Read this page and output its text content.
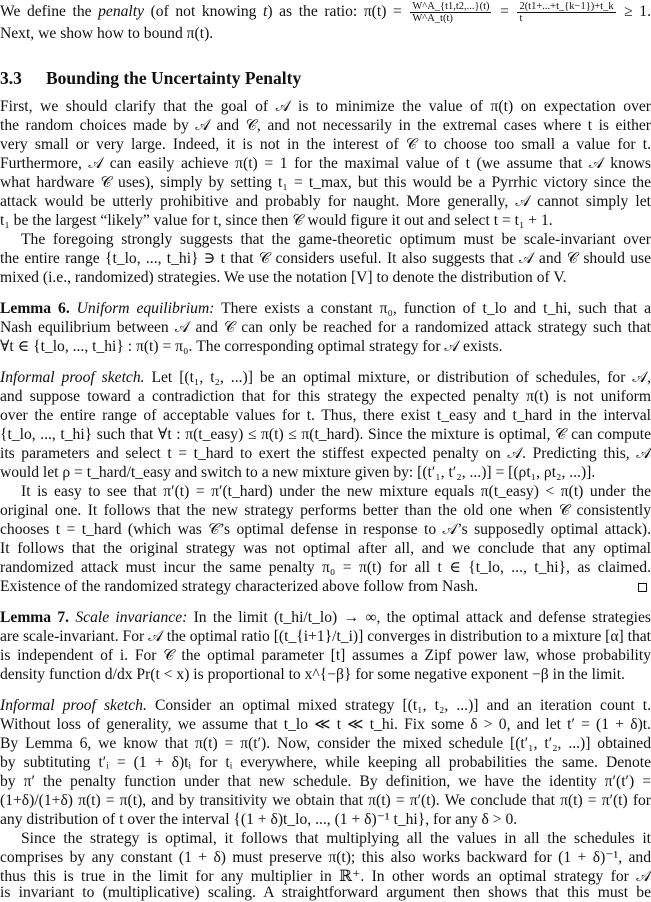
We define the penalty (of not knowing t) as the ratio: $\pi(t) = \frac{W\^{}A\_\{t1,t2,...\}(t)}{W\^{}A\_t(t)} = \frac{2(t1+...+t\_\{k-1\})+t\_k}{t} \ge 1$.
Next, we show how to bound π(t).
3.3 Bounding the Uncertainty Penalty
First, we should clarify that the goal of 𝒜 is to minimize the value of π(t) on expectation over
the random choices made by 𝒜 and 𝒞, and not necessarily in the extremal cases where t is either
very small or very large. Indeed, it is not in the interest of 𝒞 to choose too small a value for t.
Furthermore, 𝒜 can easily achieve π(t) = 1 for the maximal value of t (we assume that 𝒜 knows
what hardware 𝒞 uses), simply by setting t₁ = t_max, but this would be a Pyrrhic victory since the
attack would be utterly prohibitive and probably for naught. More generally, 𝒜 cannot simply let
t₁ be the largest “likely” value for t, since then 𝒞 would figure it out and select t = t₁ + 1.
The foregoing strongly suggests that the game-theoretic optimum must be scale-invariant over
the entire range {t_lo, ..., t_hi} ∋ t that 𝒞 considers useful. It also suggests that 𝒜 and 𝒞 should use
mixed (i.e., randomized) strategies. We use the notation [V] to denote the distribution of V.
Lemma 6. Uniform equilibrium: There exists a constant π₀, function of t_lo and t_hi, such that a
Nash equilibrium between 𝒜 and 𝒞 can only be reached for a randomized attack strategy such that
∀t ∈ {t_lo, ..., t_hi} : π(t) = π₀. The corresponding optimal strategy for 𝒜 exists.
Informal proof sketch. Let [(t₁, t₂, ...)] be an optimal mixture, or distribution of schedules, for 𝒜,
and suppose toward a contradiction that for this strategy the expected penalty π(t) is not uniform
over the entire range of acceptable values for t. Thus, there exist t_easy and t_hard in the interval
{t_lo, ..., t_hi} such that ∀t : π(t_easy) ≤ π(t) ≤ π(t_hard). Since the mixture is optimal, 𝒞 can compute
its parameters and select t = t_hard to exert the stiffest expected penalty on 𝒜. Predicting this, 𝒜
would let ρ = t_hard/t_easy and switch to a new mixture given by: [(t′₁, t′₂, ...)] = [(ρt₁, ρt₂, ...)].
It is easy to see that π′(t) = π′(t_hard) under the new mixture equals π(t_easy) < π(t) under the
original one. It follows that the new strategy performs better than the old one when 𝒞 consistently
chooses t = t_hard (which was 𝒞’s optimal defense in response to 𝒜’s supposedly optimal attack).
It follows that the original strategy was not optimal after all, and we conclude that any optimal
randomized attack must incur the same penalty π₀ = π(t) for all t ∈ {t_lo, ..., t_hi}, as claimed.
Existence of the randomized strategy characterized above follow from Nash.
Lemma 7. Scale invariance: In the limit (t_hi/t_lo) → ∞, the optimal attack and defense strategies
are scale-invariant. For 𝒜 the optimal ratio [(t_{i+1}/t_i)] converges in distribution to a mixture [α] that
is independent of i. For 𝒞 the optimal parameter [t] assumes a Zipf power law, whose probability
density function d/dx Pr(t < x) is proportional to x^{−β} for some negative exponent −β in the limit.
Informal proof sketch. Consider an optimal mixed strategy [(t₁, t₂, ...)] and an iteration count t.
Without loss of generality, we assume that t_lo ≪ t ≪ t_hi. Fix some δ > 0, and let t′ = (1 + δ)t.
By Lemma 6, we know that π(t) = π(t′). Now, consider the mixed schedule [(t′₁, t′₂, ...)] obtained
by subtituting t′ᵢ = (1 + δ)tᵢ for tᵢ everywhere, while keeping all probabilities the same. Denote
by π′ the penalty function under that new schedule. By definition, we have the identity π′(t′) =
(1+δ)/(1+δ) π(t) = π(t), and by transitivity we obtain that π(t) = π′(t). We conclude that π(t) = π′(t) for
any distribution of t over the interval {(1 + δ)t_lo, ..., (1 + δ)⁻¹ t_hi}, for any δ > 0.
Since the strategy is optimal, it follows that multiplying all the values in all the schedules it
comprises by any constant (1 + δ) must preserve π(t); this also works backward for (1 + δ)⁻¹, and
thus this is true in the limit for any multiplier in ℝ⁺. In other words an optimal strategy for 𝒜
is invariant to (multiplicative) scaling. A straightforward argument then shows that this must be
